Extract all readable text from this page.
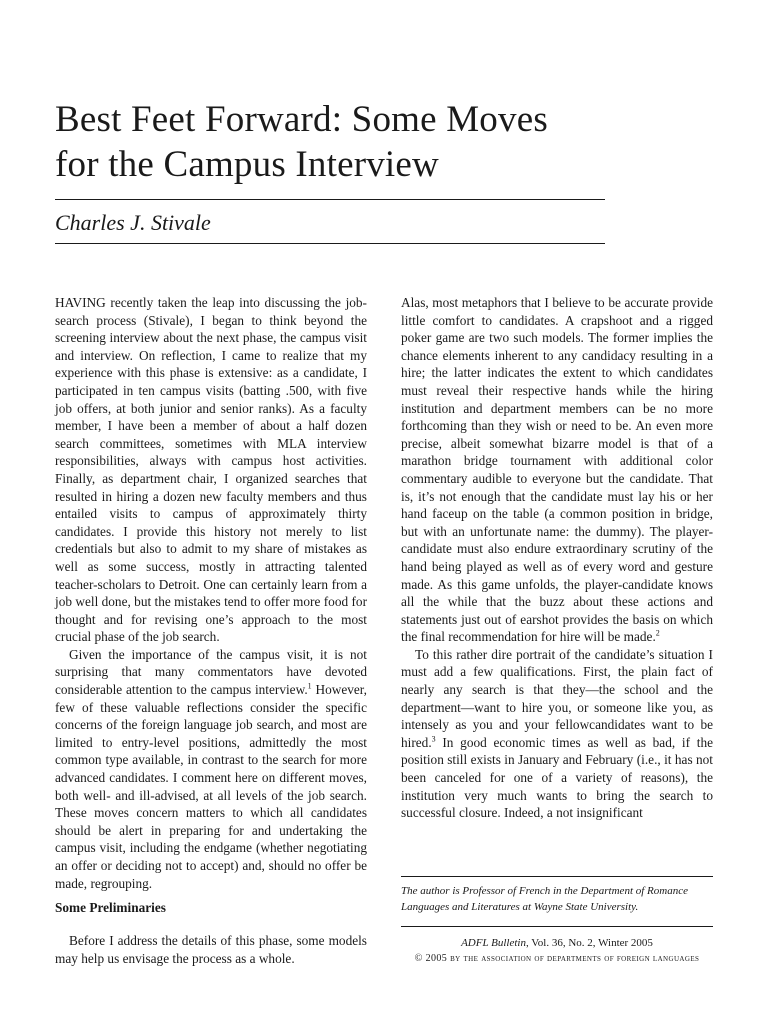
Best Feet Forward: Some Moves
for the Campus Interview
Charles J. Stivale

HAVING recently taken the leap into discussing the job-search process (Stivale), I began to think beyond the screening interview about the next phase, the campus visit and interview. On reflection, I came to realize that my experience with this phase is extensive: as a candidate, I participated in ten campus visits (batting .500, with five job offers, at both junior and senior ranks). As a faculty member, I have been a member of about a half dozen search committees, sometimes with MLA interview responsibilities, always with campus host activities. Finally, as department chair, I organized searches that resulted in hiring a dozen new faculty members and thus entailed visits to campus of approximately thirty candidates. I provide this history not merely to list credentials but also to admit to my share of mistakes as well as some success, mostly in attracting talented teacher-scholars to Detroit. One can certainly learn from a job well done, but the mistakes tend to offer more food for thought and for revising one’s approach to the most crucial phase of the job search.

Given the importance of the campus visit, it is not surprising that many commentators have devoted considerable attention to the campus interview.$^1$ However, few of these valuable reflections consider the specific concerns of the foreign language job search, and most are limited to entry-level positions, admittedly the most common type available, in contrast to the search for more advanced candidates. I comment here on different moves, both well- and ill-advised, at all levels of the job search. These moves concern matters to which all candidates should be alert in preparing for and undertaking the campus visit, including the endgame (whether negotiating an offer or deciding not to accept) and, should no offer be made, regrouping.

Some Preliminaries

Before I address the details of this phase, some models may help us envisage the process as a whole.

Alas, most metaphors that I believe to be accurate provide little comfort to candidates. A crapshoot and a rigged poker game are two such models. The former implies the chance elements inherent to any candidacy resulting in a hire; the latter indicates the extent to which candidates must reveal their respective hands while the hiring institution and department members can be no more forthcoming than they wish or need to be. An even more precise, albeit somewhat bizarre model is that of a marathon bridge tournament with additional color commentary audible to everyone but the candidate. That is, it’s not enough that the candidate must lay his or her hand faceup on the table (a common position in bridge, but with an unfortunate name: the dummy). The player-candidate must also endure extraordinary scrutiny of the hand being played as well as of every word and gesture made. As this game unfolds, the player-candidate knows all the while that the buzz about these actions and statements just out of earshot provides the basis on which the final recommendation for hire will be made.$^2$

To this rather dire portrait of the candidate’s situation I must add a few qualifications. First, the plain fact of nearly any search is that they—the school and the department—want to hire you, or someone like you, as intensely as you and your fellowcandidates want to be hired.$^3$ In good economic times as well as bad, if the position still exists in January and February (i.e., it has not been canceled for one of a variety of reasons), the institution very much wants to bring the search to successful closure. Indeed, a not insignificant

The author is Professor of French in the Department of Romance Languages and Literatures at Wayne State University.
ADFL Bulletin, Vol. 36, No. 2, Winter 2005
© 2005 by the association of departments of foreign languages
